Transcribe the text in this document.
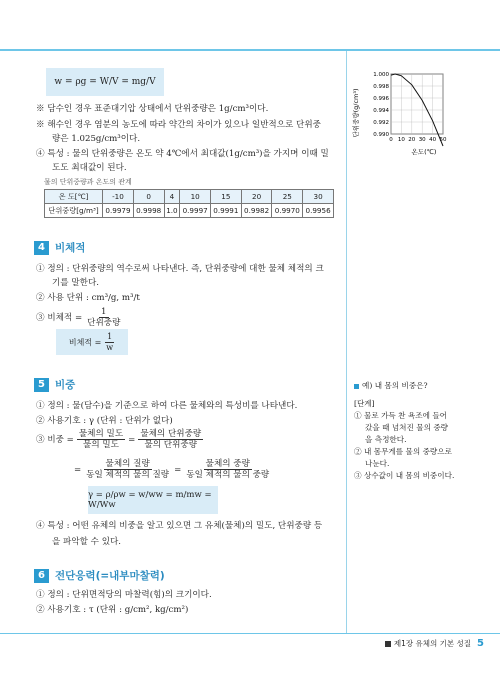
w = ρg = W/V = mg/V
※ 담수인 경우 표준대기압 상태에서 단위중량은 1g/cm³이다.
※ 해수인 경우 염분의 농도에 따라 약간의 차이가 있으나 일반적으로 단위중
량은 1.025g/cm³이다.
④ 특성 : 물의 단위중량은 온도 약 4℃에서 최대값(1g/cm³)을 가지며 이때 밀
도도 최대값이 된다.
물의 단위중량과 온도의 관계
온 도[℃]	-10	0	4	10	15	20	25	30
단위중량[g/m³]	0.9979	0.9998	1.0	0.9997	0.9991	0.9982	0.9970	0.9956
단위중량(g/cm³)
1.000
0.998
0.996
0.994
0.992
0.990
0 10 20 30 40 50
온도(℃)
4 비체적
① 정의 : 단위중량의 역수로써 나타낸다. 즉, 단위중량에 대한 물체 체적의 크
기를 말한다.
② 사용 단위 : cm³/g, m³/t
③ 비체적 = $\frac{1}{\text{단위중량}}$
비체적 = $\frac{1}{w}$
5 비중
① 정의 : 물(담수)을 기준으로 하여 다른 물체와의 특성비를 나타낸다.
② 사용기호 : γ (단위 : 단위가 없다)
③ 비중 = $\frac{\text{물체의 밀도}}{\text{물의 밀도}} = \frac{\text{물체의 단위중량}}{\text{물의 단위중량}}$
= $\frac{\text{물체의 질량}}{\text{동일 체적의 물의 질량}} = \frac{\text{물체의 중량}}{\text{동일 체적의 물의 중량}}$
γ = ρ/ρw = w/ww = m/mw = W/Ww
④ 특성 : 어떤 유체의 비중을 알고 있으면 그 유체(물체)의 밀도, 단위중량 등
을 파악할 수 있다.
6 전단응력(=내부마찰력)
① 정의 : 단위면적당의 마찰력(힘)의 크기이다.
② 사용기호 : τ (단위 : g/cm², kg/cm²)
예) 내 몸의 비중은?
[단계]
① 물로 가득 찬 욕조에 들어
갔을 때 넘쳐진 물의 중량
을 측정한다.
② 내 몸무게를 물의 중량으로
나눈다.
③ 상수값이 내 몸의 비중이다.
제1장 유체의 기본 성질 5
